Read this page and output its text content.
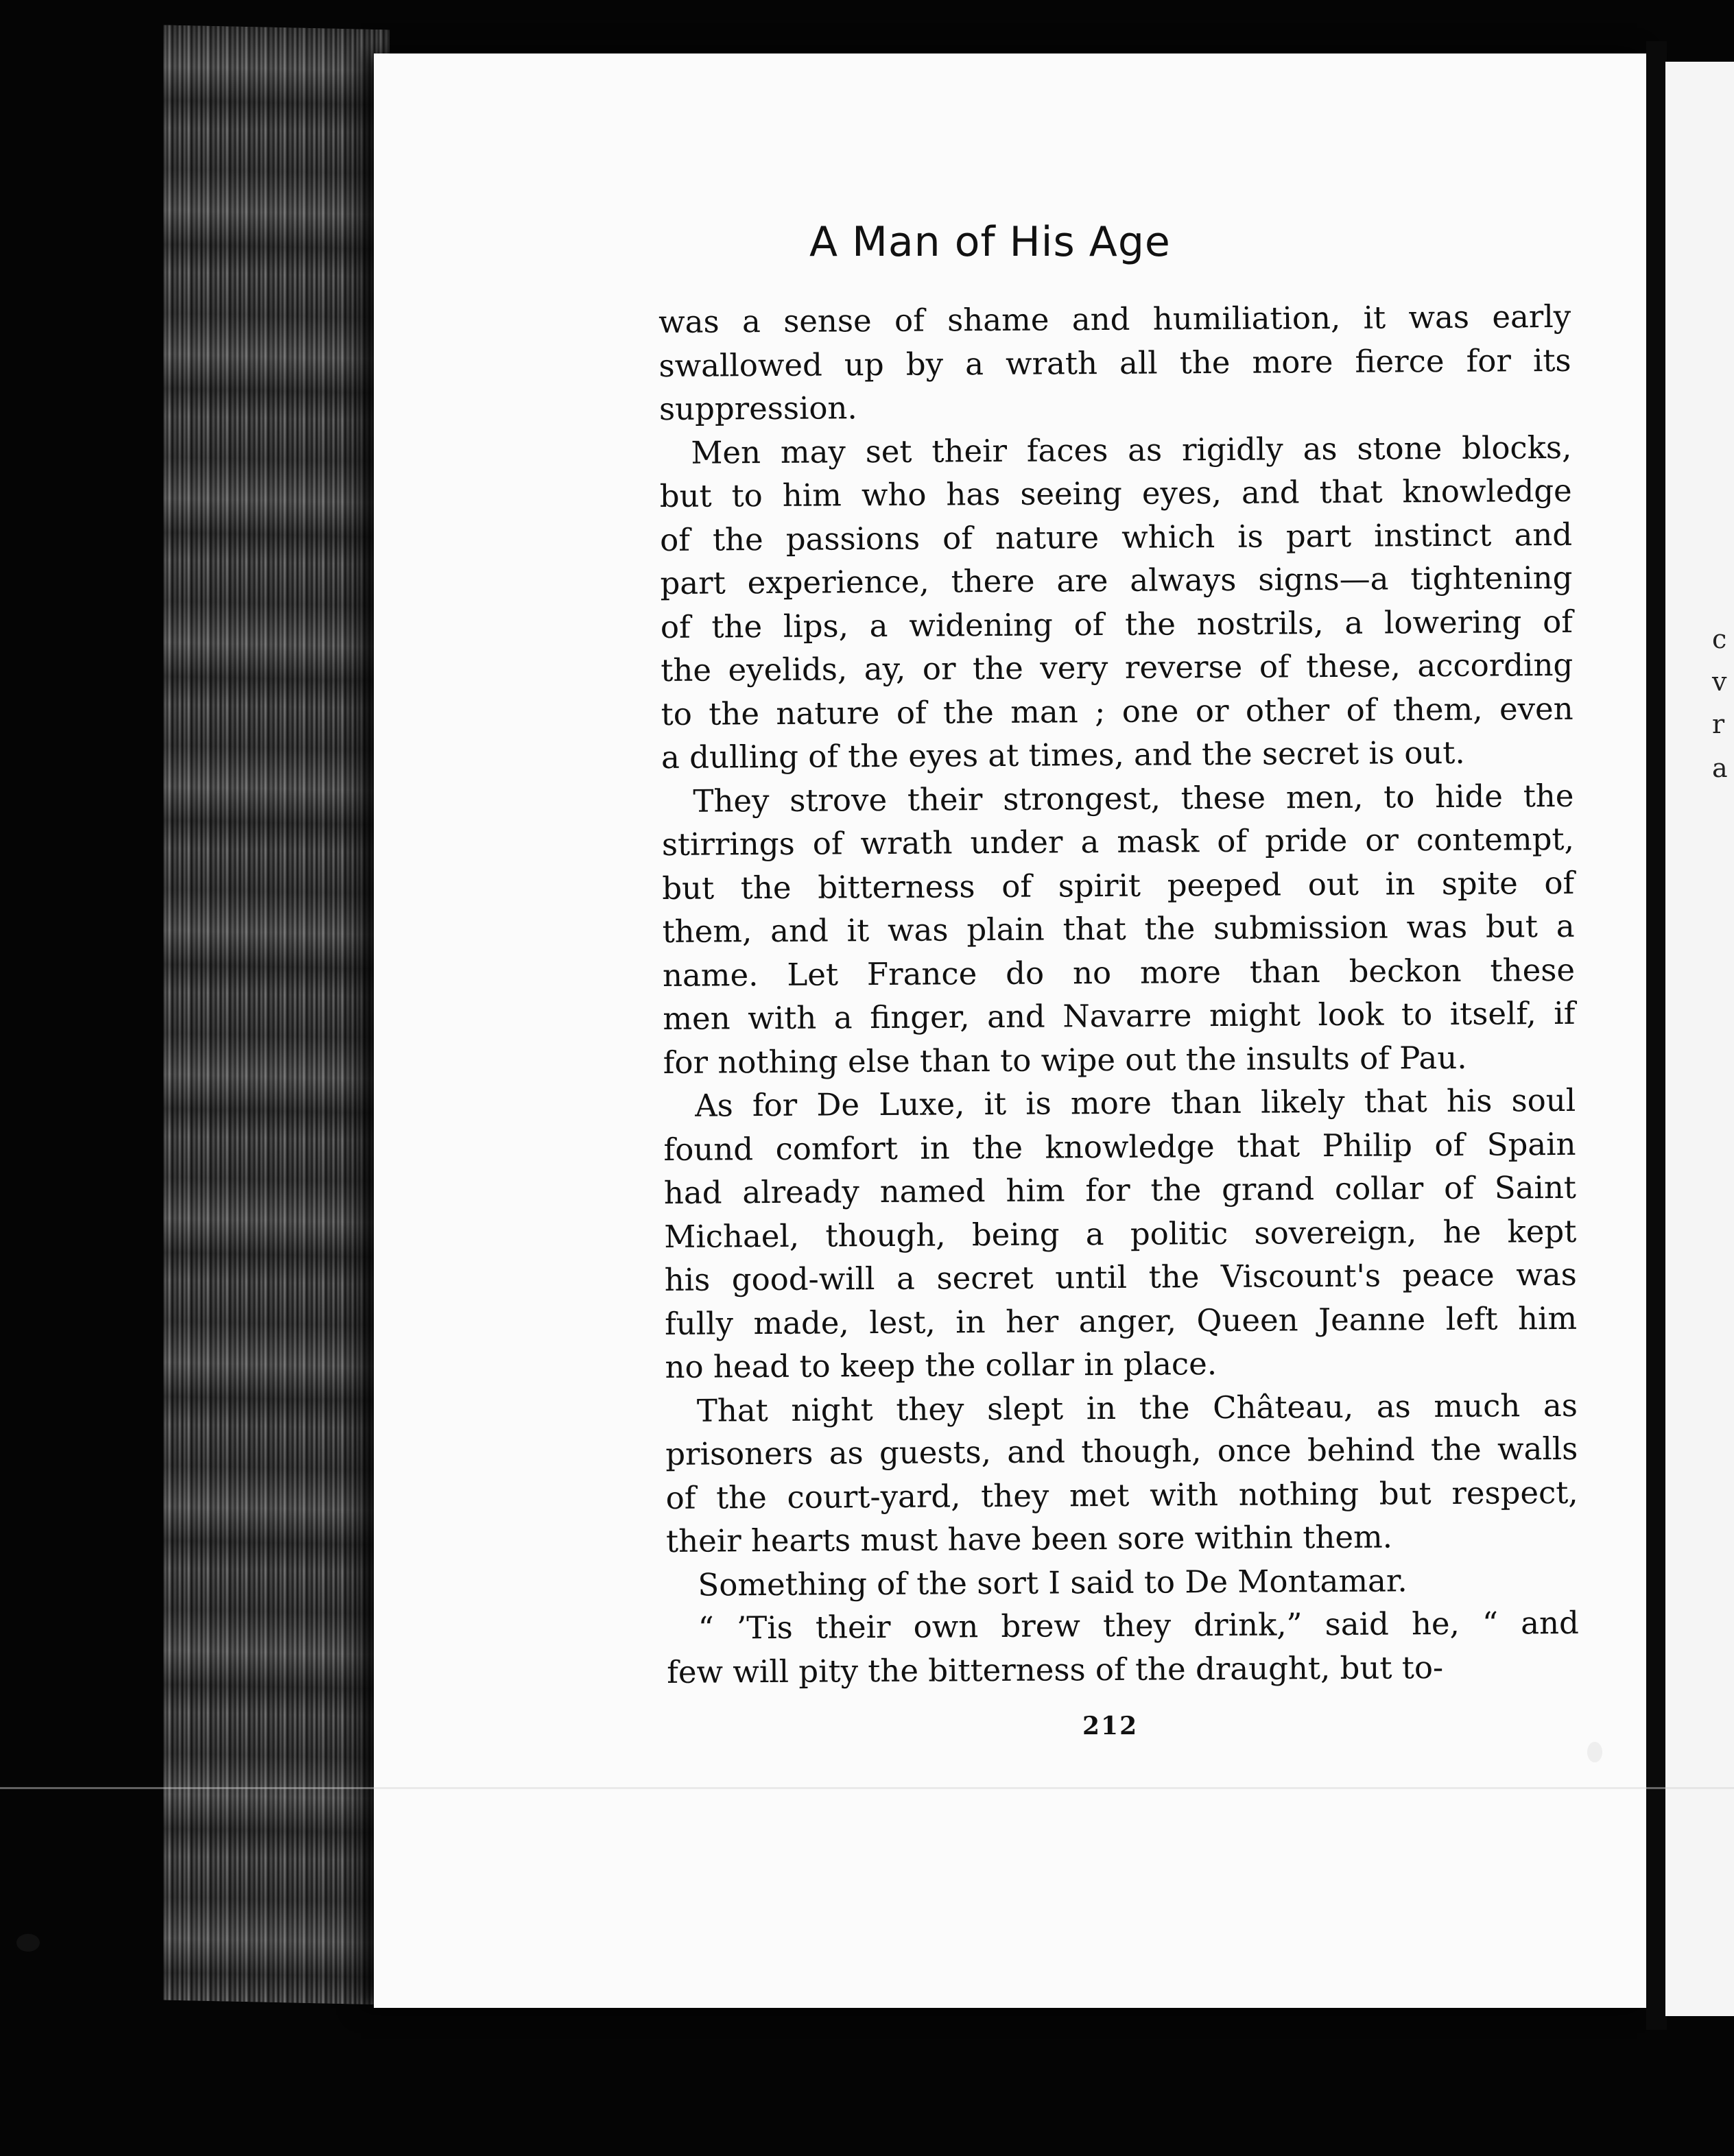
c
v
r
a
A Man of His Age
was a sense of shame and humiliation, it was early
swallowed up by a wrath all the more fierce for its
suppression.
Men may set their faces as rigidly as stone blocks,
but to him who has seeing eyes, and that knowledge
of the passions of nature which is part instinct and
part experience, there are always signs—a tightening
of the lips, a widening of the nostrils, a lowering of
the eyelids, ay, or the very reverse of these, according
to the nature of the man ; one or other of them, even
a dulling of the eyes at times, and the secret is out.
They strove their strongest, these men, to hide the
stirrings of wrath under a mask of pride or contempt,
but the bitterness of spirit peeped out in spite of
them, and it was plain that the submission was but a
name. Let France do no more than beckon these
men with a finger, and Navarre might look to itself, if
for nothing else than to wipe out the insults of Pau.
As for De Luxe, it is more than likely that his soul
found comfort in the knowledge that Philip of Spain
had already named him for the grand collar of Saint
Michael, though, being a politic sovereign, he kept
his good-will a secret until the Viscount's peace was
fully made, lest, in her anger, Queen Jeanne left him
no head to keep the collar in place.
That night they slept in the Château, as much as
prisoners as guests, and though, once behind the walls
of the court-yard, they met with nothing but respect,
their hearts must have been sore within them.
Something of the sort I said to De Montamar.
“ ’Tis their own brew they drink,” said he, “ and
few will pity the bitterness of the draught, but to-
212
